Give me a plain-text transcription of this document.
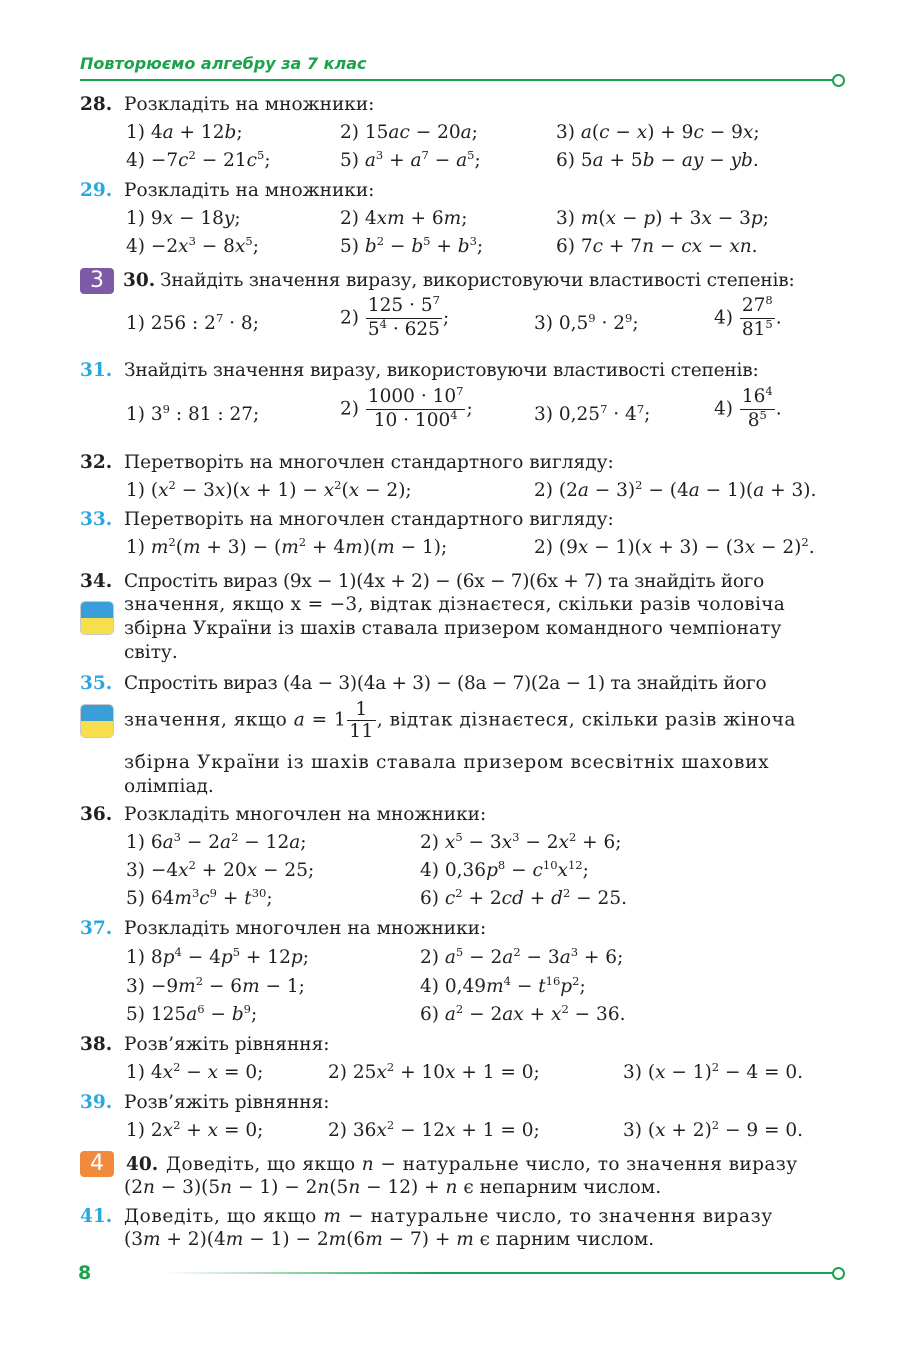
Повторюємо алгебру за 7 клас
28. Розкладіть на множники:
1) 4a + 12b;	2) 15ac − 20a;	3) a(c − x) + 9c − 9x;
$4) -7c^2 - 21c^5$;	5) $a^3 + a^7 - a^5$;	6) 5a + 5b − ay − yb.
29. Розкладіть на множники:
1) 9x − 18y;	2) 4xm + 6m;	3) m(x − p) + 3x − 3p;
$4) -2x^3 - 8x^5$;	5) $b^2 - b^5 + b^3$;	6) 7c + 7n − cx − xn.
3	30. Знайдіть значення виразу, використовуючи властивості степенів:
1) 256 : $2^7 \cdot 8$;	$2) \frac{125 \cdot 5^7}{5^4 \cdot 625}$ ;	3) $0,5^9 \cdot 2^9$;	$4) \frac{27^8}{81^5}$ .
31. Знайдіть значення виразу, використовуючи властивості степенів:
1) $3^9$ : 81 : 27;	$2) \frac{1000 \cdot 10^7}{10 \cdot 100^4}$ ;	3) $0,25^7 \cdot 4^7$;	$4) \frac{16^4}{8^5}$ .
32. Перетворіть на многочлен стандартного вигляду:
1) $(x^2 - 3x)(x + 1) - x^2(x - 2)$;	2) $(2a - 3)^2 - (4a - 1)(a + 3)$.
33. Перетворіть на многочлен стандартного вигляду:
1) $m^2(m + 3) - (m^2 + 4m)(m - 1)$;	2) $(9x - 1)(x + 3) - (3x - 2)^2$.
34. Спростіть вираз (9x − 1)(4x + 2) − (6x − 7)(6x + 7) та знайдіть його
значення, якщо x = −3, відтак дізнаєтеся, скільки разів чоловіча
збірна України із шахів ставала призером командного чемпіонату
світу.
35. Спростіть вираз (4a − 3)(4a + 3) − (8a − 7)(2a − 1) та знайдіть його
значення, якщо $a = 1 \frac{1}{11}$ , відтак дізнаєтеся, скільки разів жіноча
збірна України із шахів ставала призером всесвітніх шахових
олімпіад.
36. Розкладіть многочлен на множники:
1) $6a^3 - 2a^2 - 12a$;	2) $x^5 - 3x^3 - 2x^2 + 6$;
$3) -4x^2 + 20x - 25$;	4) $0,36p^8 - c^{10}x^{12}$;
5) $64m^3c^9 + t^{30}$;	6) $c^2 + 2cd + d^2 - 25$.
37. Розкладіть многочлен на множники:
1) $8p^4 - 4p^5 + 12p$;	2) $a^5 - 2a^2 - 3a^3 + 6$;
$3) -9m^2 - 6m - 1$;	4) $0,49m^4 - t^{16}p^2$;
5) $125a^6 - b^9$;	6) $a^2 - 2ax + x^2 - 36$.
38. Розв’яжіть рівняння:
1) $4x^2 - x = 0$;	2) $25x^2 + 10x + 1 = 0$;	3) $(x - 1)^2 - 4 = 0$.
39. Розв’яжіть рівняння:
1) $2x^2 + x = 0$;	2) $36x^2 - 12x + 1 = 0$;	3) $(x + 2)^2 - 9 = 0$.
4	40. Доведіть, що якщо n − натуральне число, то значення виразу
(2n − 3)(5n − 1) − 2n(5n − 12) + n є непарним числом.
41. Доведіть, що якщо m − натуральне число, то значення виразу
(3m + 2)(4m − 1) − 2m(6m − 7) + m є парним числом.
8
